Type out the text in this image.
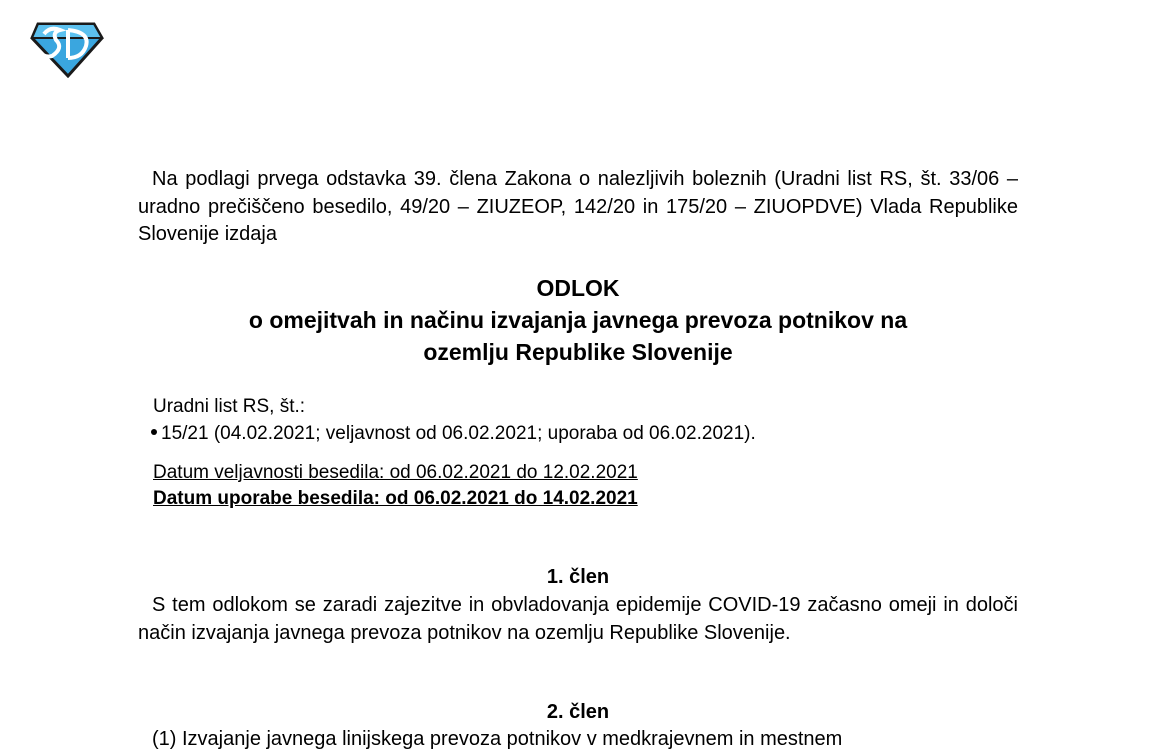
Na podlagi prvega odstavka 39. člena Zakona o nalezljivih boleznih (Uradni list RS, št. 33/06 – uradno prečiščeno besedilo, 49/20 – ZIUZEOP, 142/20 in 175/20 – ZIUOPDVE) Vlada Republike Slovenije izdaja
ODLOK
o omejitvah in načinu izvajanja javnega prevoza potnikov na
ozemlju Republike Slovenije
Uradni list RS, št.:
15/21 (04.02.2021; veljavnost od 06.02.2021; uporaba od 06.02.2021).
Datum veljavnosti besedila: od 06.02.2021 do 12.02.2021
Datum uporabe besedila: od 06.02.2021 do 14.02.2021
1. člen
S tem odlokom se zaradi zajezitve in obvladovanja epidemije COVID-19 začasno omeji in določi način izvajanja javnega prevoza potnikov na ozemlju Republike Slovenije.
2. člen
(1) Izvajanje javnega linijskega prevoza potnikov v medkrajevnem in mestnem
